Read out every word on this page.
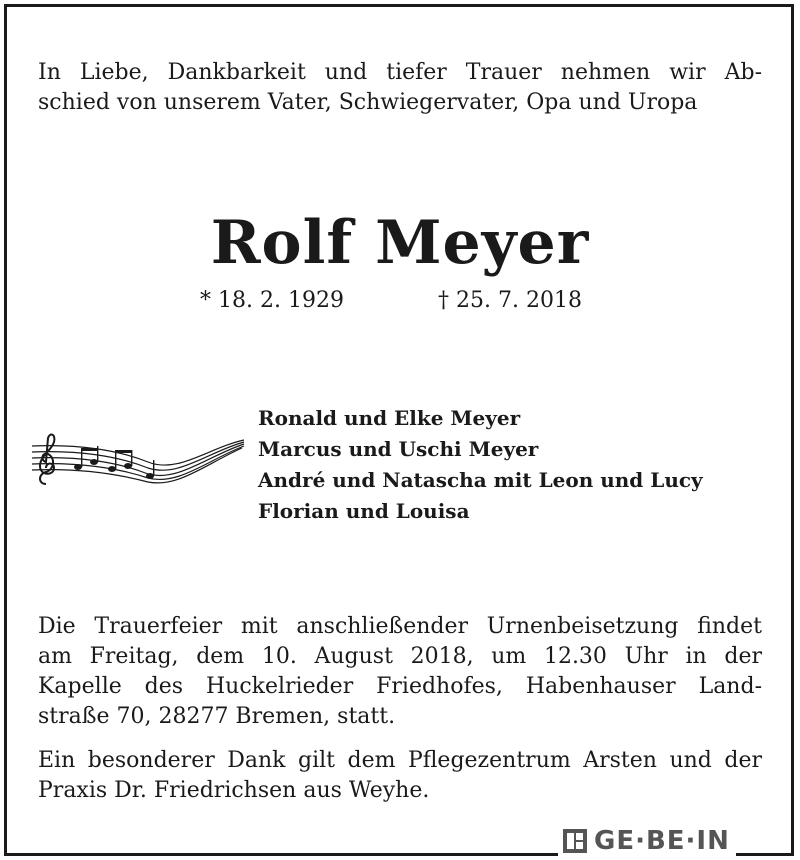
In Liebe, Dankbarkeit und tiefer Trauer nehmen wir Ab-
schied von unserem Vater, Schwiegervater, Opa und Uropa

Rolf Meyer
* 18. 2. 1929	† 25. 7. 2018
Ronald und Elke Meyer
Marcus und Uschi Meyer
André und Natascha mit Leon und Lucy
Florian und Louisa

Die Trauerfeier mit anschließender Urnenbeisetzung findet
am Freitag, dem 10. August 2018, um 12.30 Uhr in der
Kapelle des Huckelrieder Friedhofes, Habenhauser Land-
straße 70, 28277 Bremen, statt.

Ein besonderer Dank gilt dem Pflegezentrum Arsten und der
Praxis Dr. Friedrichsen aus Weyhe.

GE·BE·IN
